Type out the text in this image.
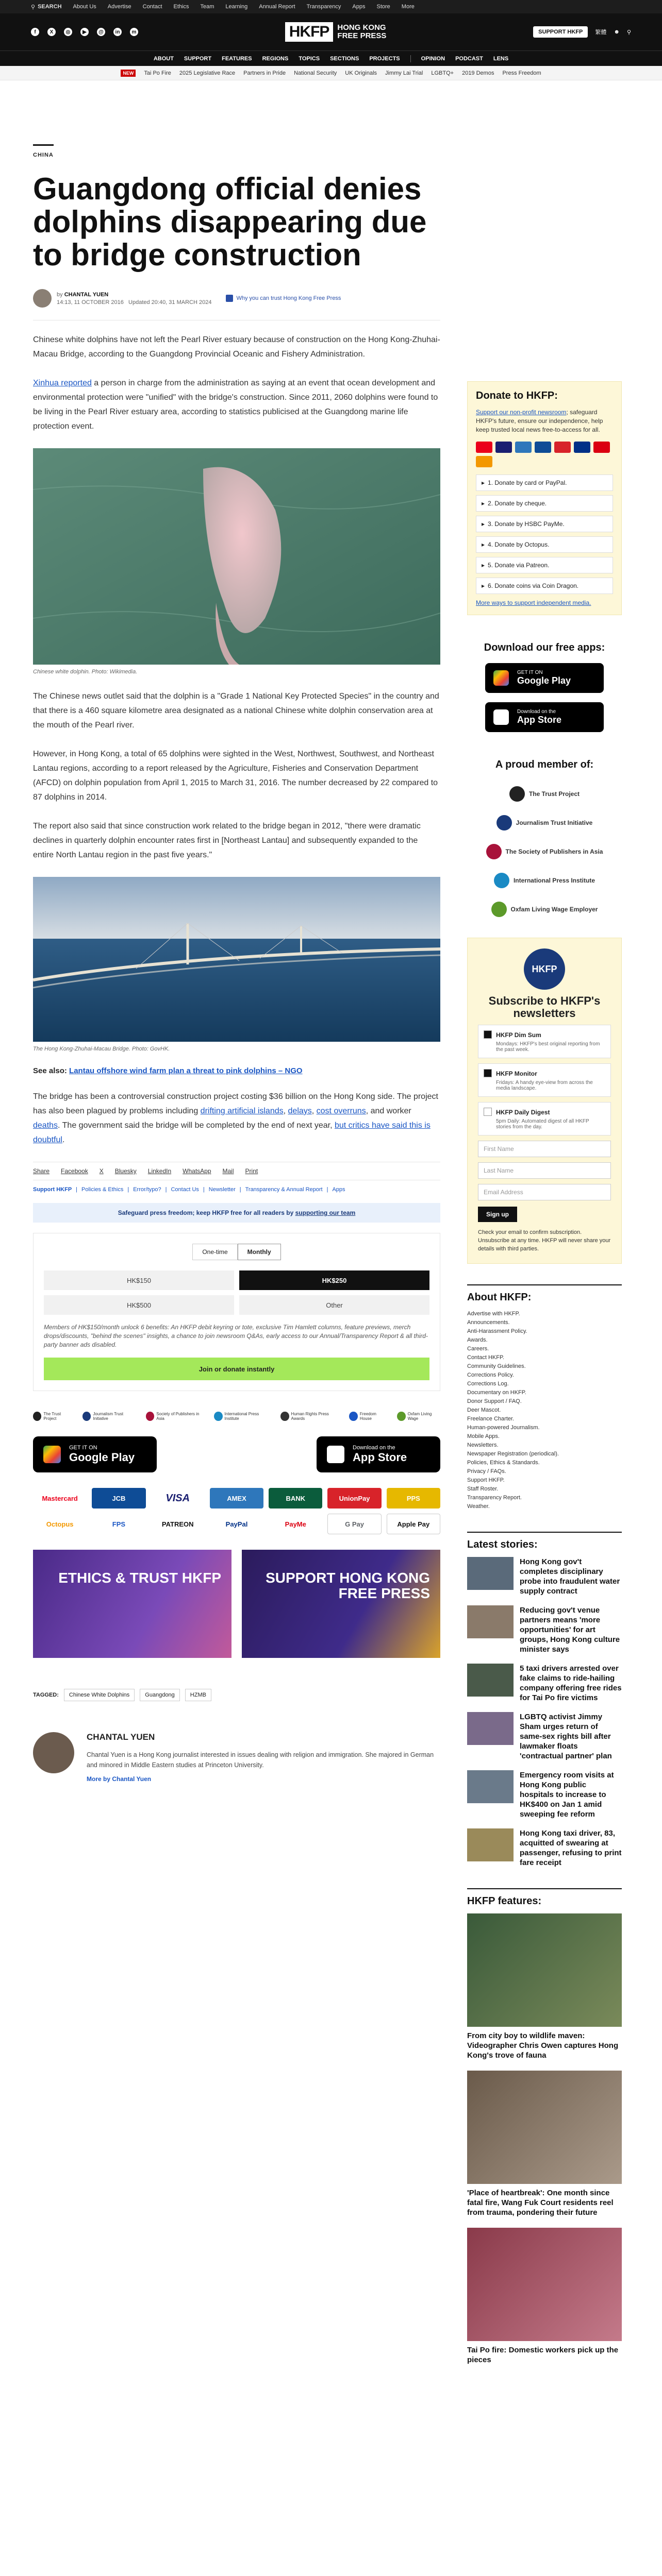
⚲ SEARCH About Us Advertise Contact Ethics Team Learning Annual Report Transparency Apps Store More
f	X	◎	▶	@	in	m	HKFP	HONG KONG
FREE PRESS	SUPPORT HKFP	繁體 ☻ ⚲
ABOUT SUPPORT FEATURES REGIONS TOPICS SECTIONS PROJECTS	OPINION PODCAST LENS
NEW	Tai Po Fire 2025 Legislative Race Partners in Pride National Security UK Originals Jimmy Lai Trial LGBTQ+ 2019 Demos Press Freedom
CHINA
Guangdong official denies dolphins disappearing due to bridge construction
by CHANTAL YUEN
14:13, 11 OCTOBER 2016 Updated 20:40, 31 MARCH 2024
Why you can trust Hong Kong Free Press

Chinese white dolphins have not left the Pearl River estuary because of construction on the Hong Kong-Zhuhai-Macau Bridge, according to the Guangdong Provincial Oceanic and Fishery Administration.

Xinhua reported a person in charge from the administration as saying at an event that ocean development and environmental protection were "unified" with the bridge's construction. Since 2011, 2060 dolphins were found to be living in the Pearl River estuary area, according to statistics publicised at the Guangdong marine life protection event.

Chinese white dolphin. Photo: Wikimedia.

The Chinese news outlet said that the dolphin is a "Grade 1 National Key Protected Species" in the country and that there is a 460 square kilometre area designated as a national Chinese white dolphin conservation area at the mouth of the Pearl river.

However, in Hong Kong, a total of 65 dolphins were sighted in the West, Northwest, Southwest, and Northeast Lantau regions, according to a report released by the Agriculture, Fisheries and Conservation Department (AFCD) on dolphin population from April 1, 2015 to March 31, 2016. The number decreased by 22 compared to 87 dolphins in 2014.

The report also said that since construction work related to the bridge began in 2012, "there were dramatic declines in quarterly dolphin encounter rates first in [Northeast Lantau] and subsequently expanded to the entire North Lantau region in the past five years."

The Hong Kong-Zhuhai-Macau Bridge. Photo: GovHK.
See also: Lantau offshore wind farm plan a threat to pink dolphins – NGO

The bridge has been a controversial construction project costing $36 billion on the Hong Kong side. The project has also been plagued by problems including drifting artificial islands, delays, cost overruns, and worker deaths. The government said the bridge will be completed by the end of next year, but critics have said this is doubtful.

Share Facebook X Bluesky LinkedIn WhatsApp Mail Print
Support HKFP | Policies & Ethics | Error/typo? | Contact Us | Newsletter | Transparency & Annual Report | Apps
Safeguard press freedom; keep HKFP free for all readers by supporting our team
One-time	Monthly
HK$150	HK$250
HK$500	Other
Members of HK$150/month unlock 6 benefits: An HKFP debit keyring or tote, exclusive Tim Hamlett columns, feature previews, merch drops/discounts, "behind the scenes" insights, a chance to join newsroom Q&As, early access to our Annual/Transparency Report & all third-party banner ads disabled.
Join or donate instantly
The Trust Project
Journalism Trust Initiative
Society of Publishers in Asia
International Press Institute
Human Rights Press Awards
Freedom House
Oxfam Living Wage
GET IT ON
Google Play
Download on the
App Store
Mastercard	JCB	VISA	AMEX	BANK	UnionPay	PPS
Octopus	FPS	PATREON	PayPal	PayMe	G Pay	Apple Pay
ETHICS & TRUST HKFP	SUPPORT HONG KONG FREE PRESS
TAGGED:	Chinese White Dolphins	Guangdong	HZMB
CHANTAL YUEN

Chantal Yuen is a Hong Kong journalist interested in issues dealing with religion and immigration. She majored in German and minored in Middle Eastern studies at Princeton University.

More by Chantal Yuen
Donate to HKFP:

Support our non-profit newsroom; safeguard HKFP's future, ensure our independence, help keep trusted local news free-to-access for all.

▸ 1. Donate by card or PayPal.
▸ 2. Donate by cheque.
▸ 3. Donate by HSBC PayMe.
▸ 4. Donate by Octopus.
▸ 5. Donate via Patreon.
▸ 6. Donate coins via Coin Dragon.
More ways to support independent media.
Download our free apps:
GET IT ON
Google Play
Download on the
App Store
A proud member of:
The Trust Project
Journalism Trust Initiative
The Society of Publishers in Asia
International Press Institute
Oxfam Living Wage Employer
HKFP
Subscribe to HKFP's newsletters
HKFP Dim Sum
Mondays: HKFP's best original reporting from the past week.
HKFP Monitor
Fridays: A handy eye-view from across the media landscape.
HKFP Daily Digest
5pm Daily: Automated digest of all HKFP stories from the day.
First Name
Last Name
Email Address
Sign up
Check your email to confirm subscription. Unsubscribe at any time. HKFP will never share your details with third parties.
About HKFP:
Advertise with HKFP.
Announcements.
Anti-Harassment Policy.
Awards.
Careers.
Contact HKFP.
Community Guidelines.
Corrections Policy.
Corrections Log.
Documentary on HKFP.
Donor Support / FAQ.
Deer Mascot.
Freelance Charter.
Human-powered Journalism.
Mobile Apps.
Newsletters.
Newspaper Registration (periodical).
Policies, Ethics & Standards.
Privacy / FAQs.
Support HKFP.
Staff Roster.
Transparency Report.
Weather.
Latest stories:
Hong Kong gov't completes disciplinary probe into fraudulent water supply contract
Reducing gov't venue partners means 'more opportunities' for art groups, Hong Kong culture minister says
5 taxi drivers arrested over fake claims to ride-hailing company offering free rides for Tai Po fire victims
LGBTQ activist Jimmy Sham urges return of same-sex rights bill after lawmaker floats 'contractual partner' plan
Emergency room visits at Hong Kong public hospitals to increase to HK$400 on Jan 1 amid sweeping fee reform
Hong Kong taxi driver, 83, acquitted of swearing at passenger, refusing to print fare receipt
HKFP features:
From city boy to wildlife maven: Videographer Chris Owen captures Hong Kong's trove of fauna
'Place of heartbreak': One month since fatal fire, Wang Fuk Court residents reel from trauma, pondering their future
Tai Po fire: Domestic workers pick up the pieces
